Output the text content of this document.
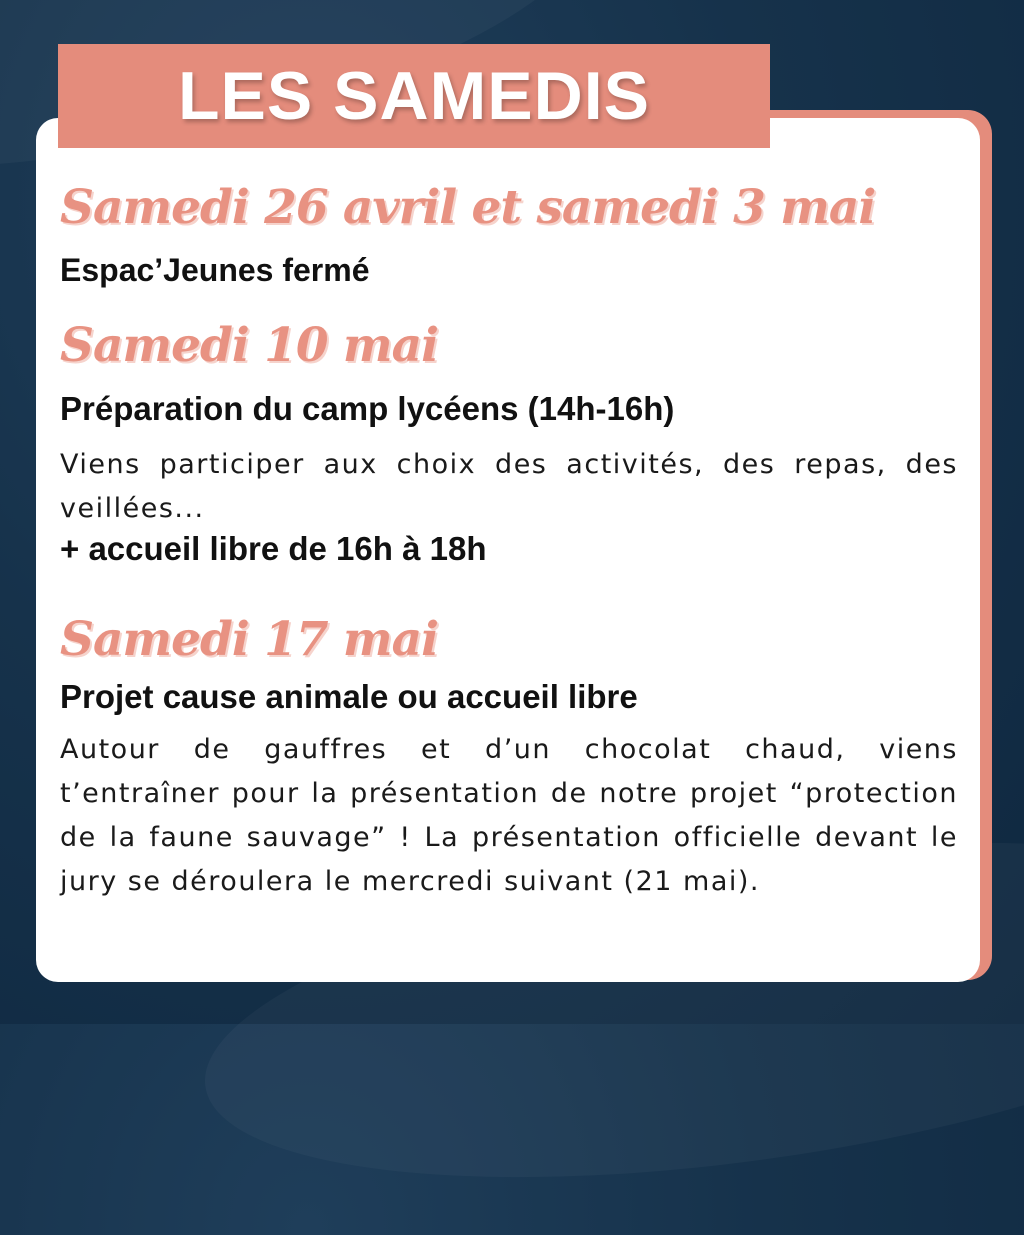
LES SAMEDIS
Samedi 26 avril et samedi 3 mai
Espac’Jeunes fermé
Samedi 10 mai
Préparation du camp lycéens (14h-16h)
Viens participer aux choix des activités, des repas, des veillées...
+ accueil libre de 16h à 18h
Samedi 17 mai
Projet cause animale ou accueil libre
Autour de gauffres et d’un chocolat chaud, viens t’entraîner pour la présentation de notre projet “protection de la faune sauvage” ! La présentation officielle devant le jury se déroulera le mercredi suivant (21 mai).
